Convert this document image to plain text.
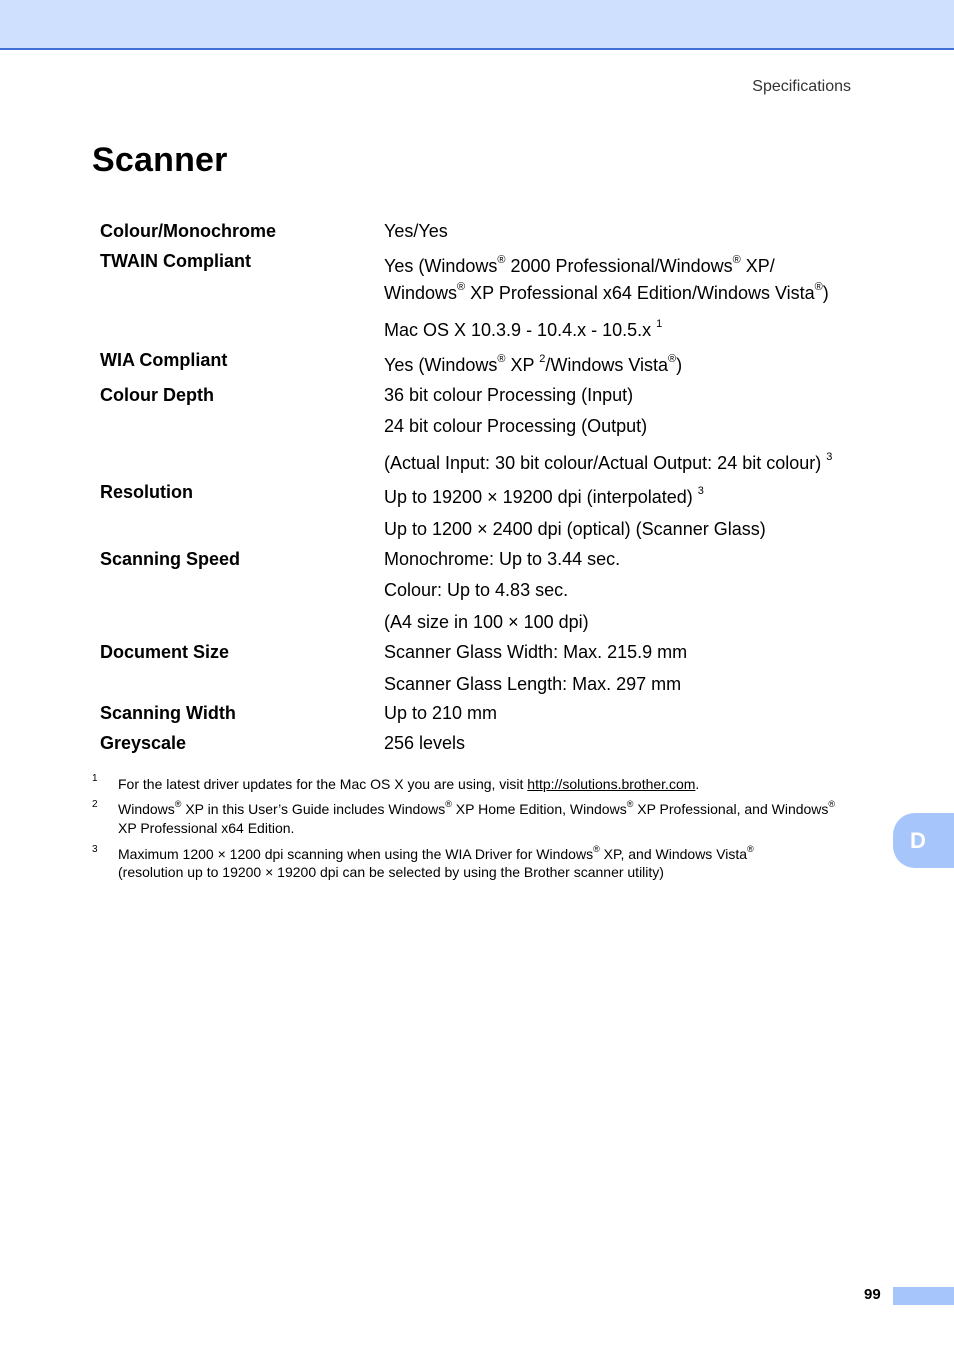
Specifications
Scanner
Colour/Monochrome	Yes/Yes
TWAIN Compliant	Yes (Windows® 2000 Professional/Windows® XP/
Windows® XP Professional x64 Edition/Windows Vista®)
Mac OS X 10.3.9 - 10.4.x - 10.5.x $^1$
WIA Compliant	Yes (Windows® XP $^2$/Windows Vista®)
Colour Depth	36 bit colour Processing (Input)
24 bit colour Processing (Output)
(Actual Input: 30 bit colour/Actual Output: 24 bit colour) $^3$
Resolution	Up to 19200 × 19200 dpi (interpolated) $^3$
Up to 1200 × 2400 dpi (optical) (Scanner Glass)
Scanning Speed	Monochrome: Up to 3.44 sec.
Colour: Up to 4.83 sec.
(A4 size in 100 × 100 dpi)
Document Size	Scanner Glass Width: Max. 215.9 mm
Scanner Glass Length: Max. 297 mm
Scanning Width	Up to 210 mm
Greyscale	256 levels
1 For the latest driver updates for the Mac OS X you are using, visit http://solutions.brother.com.
2 Windows® XP in this User’s Guide includes Windows® XP Home Edition, Windows® XP Professional, and Windows®
XP Professional x64 Edition.
3 Maximum 1200 × 1200 dpi scanning when using the WIA Driver for Windows® XP, and Windows Vista®
(resolution up to 19200 × 19200 dpi can be selected by using the Brother scanner utility)
D
99
